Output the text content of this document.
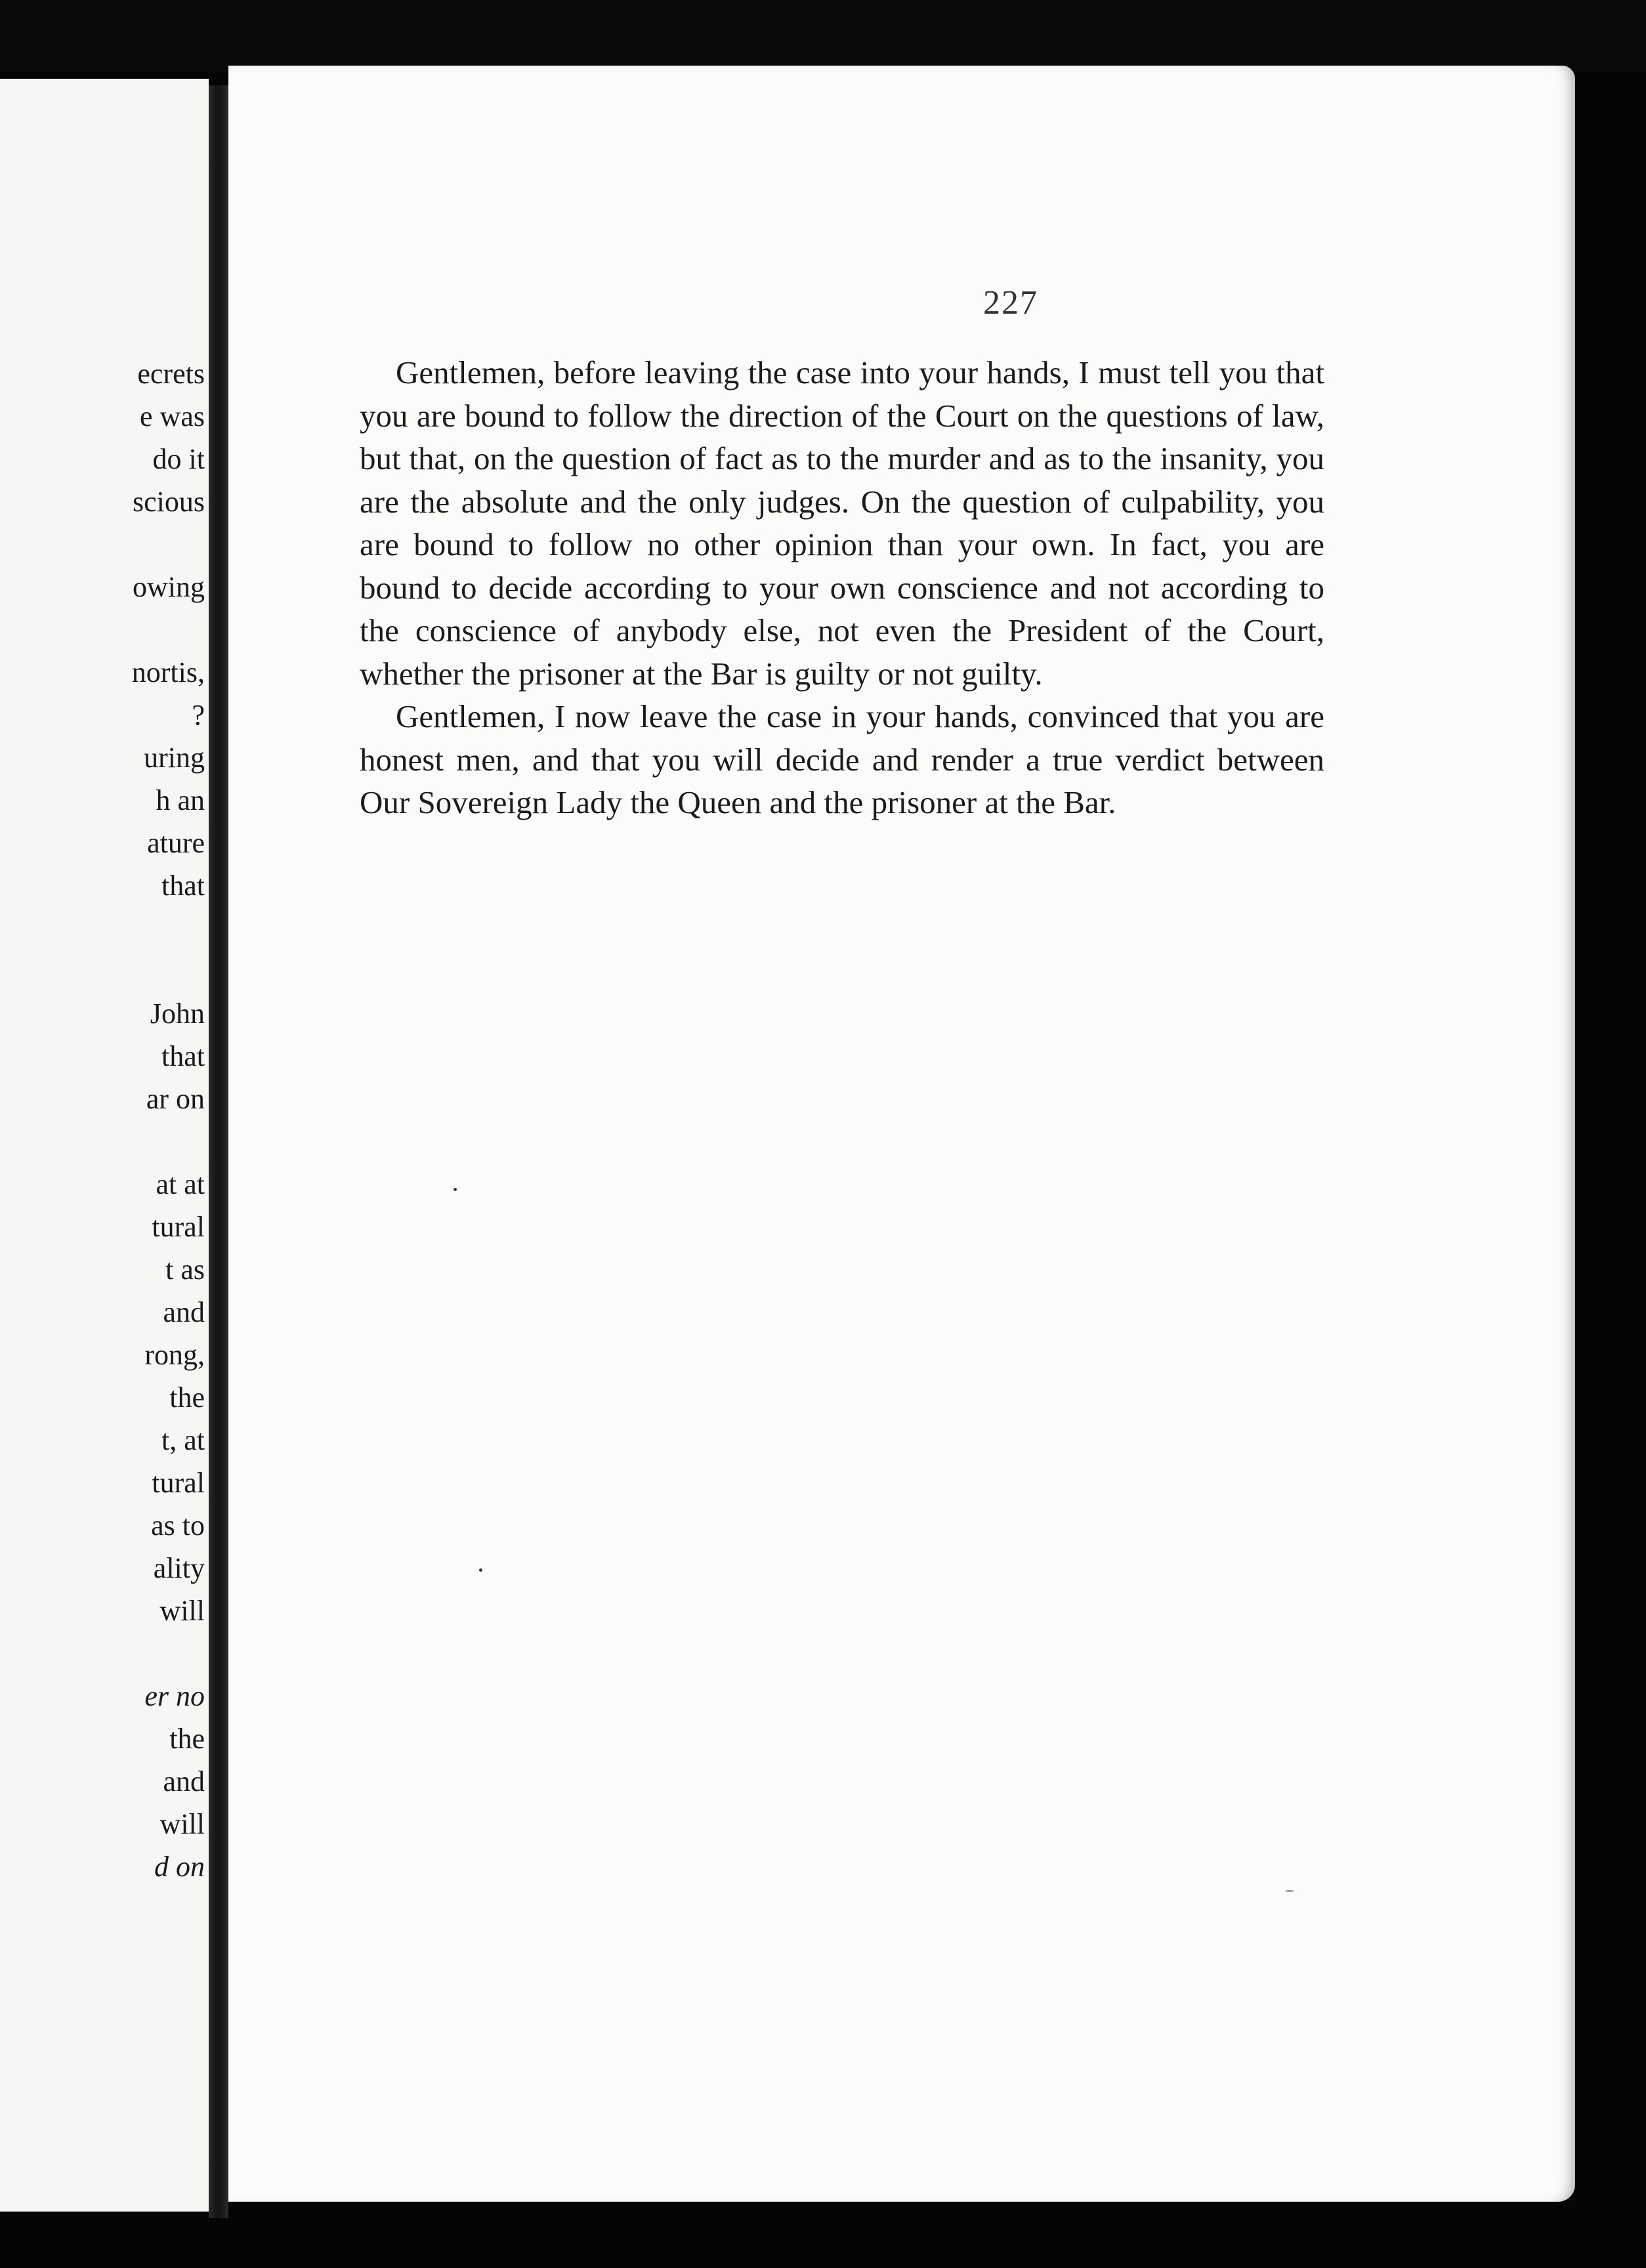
ecrets
e was
do it
scious
owing
nortis,
?
uring
h an
ature
that
John
that
ar on
at at
tural
t as
and
rong,
the
t, at
tural
as to
ality
will
er no
the
and
will
d on
227

Gentlemen, before leaving the case into your hands, I must tell you that you are bound to follow the direction of the Court on the questions of law, but that, on the question of fact as to the murder and as to the insanity, you are the absolute and the only judges. On the question of culpability, you are bound to follow no other opinion than your own. In fact, you are bound to decide according to your own conscience and not according to the conscience of anybody else, not even the President of the Court, whether the prisoner at the Bar is guilty or not guilty.

Gentlemen, I now leave the case in your hands, convinced that you are honest men, and that you will decide and render a true verdict between Our Sovereign Lady the Queen and the prisoner at the Bar.
